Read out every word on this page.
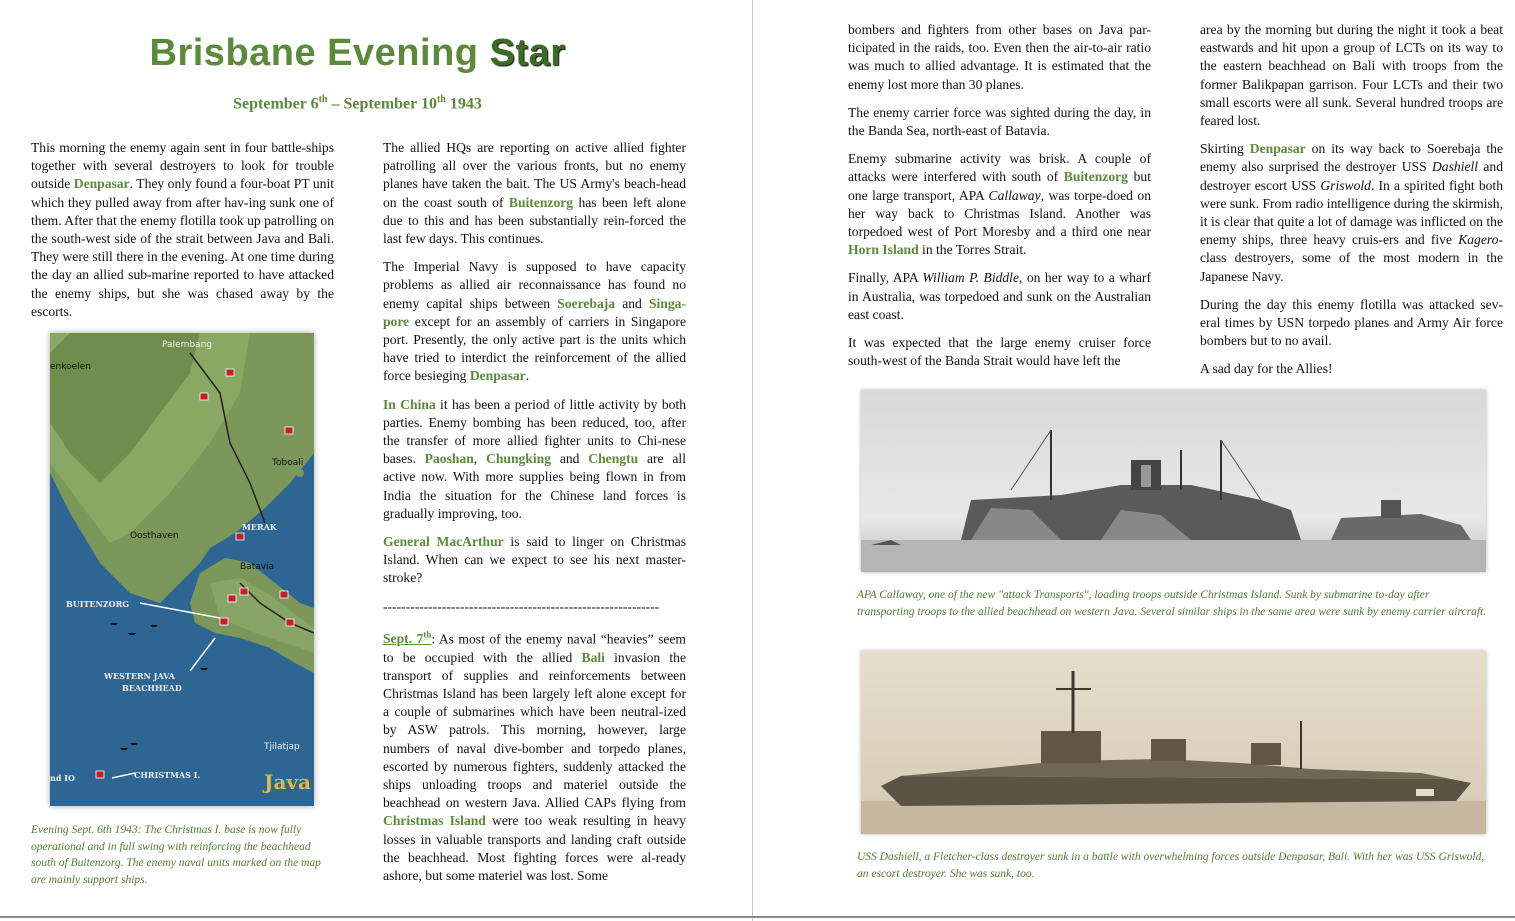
Brisbane Evening Star
September 6th – September 10th 1943

This morning the enemy again sent in four battle-ships together with several destroyers to look for trouble outside Denpasar. They only found a four-boat PT unit which they pulled away from after hav-ing sunk one of them. After that the enemy flotilla took up patrolling on the south-west side of the strait between Java and Bali. They were still there in the evening. At one time during the day an allied sub-marine reported to have attacked the enemy ships, but she was chased away by the escorts.

Palembang
enkoelen
Toboali
MERAK
Oosthaven
Batavia
BUITENZORG
WESTERN JAVA
BEACHHEAD
Tjilatjap
nd IO	CHRISTMAS I.	Java
Evening Sept. 6th 1943: The Christmas I. base is now fully operational and in full swing with reinforcing the beachhead south of Buitenzorg. The enemy naval units marked on the map are mainly support ships.

The allied HQs are reporting on active allied fighter patrolling all over the various fronts, but no enemy planes have taken the bait. The US Army's beach-head on the coast south of Buitenzorg has been left alone due to this and has been substantially rein-forced the last few days. This continues.

The Imperial Navy is supposed to have capacity problems as allied air reconnaissance has found no enemy capital ships between Soerebaja and Singa-pore except for an assembly of carriers in Singapore port. Presently, the only active part is the units which have tried to interdict the reinforcement of the allied force besieging Denpasar.

In China it has been a period of little activity by both parties. Enemy bombing has been reduced, too, after the transfer of more allied fighter units to Chi-nese bases. Paoshan, Chungking and Chengtu are all active now. With more supplies being flown in from India the situation for the Chinese land forces is gradually improving, too.

General MacArthur is said to linger on Christmas Island. When can we expect to see his next master-stroke?

-------------------------------------------------------------

Sept. 7th: As most of the enemy naval “heavies” seem to be occupied with the allied Bali invasion the transport of supplies and reinforcements between Christmas Island has been largely left alone except for a couple of submarines which have been neutral-ized by ASW patrols. This morning, however, large numbers of naval dive-bomber and torpedo planes, escorted by numerous fighters, suddenly attacked the ships unloading troops and materiel outside the beachhead on western Java. Allied CAPs flying from Christmas Island were too weak resulting in heavy losses in valuable transports and landing craft outside the beachhead. Most fighting forces were al-ready ashore, but some materiel was lost. Some

bombers and fighters from other bases on Java par-ticipated in the raids, too. Even then the air-to-air ratio was much to allied advantage. It is estimated that the enemy lost more than 30 planes.

The enemy carrier force was sighted during the day, in the Banda Sea, north-east of Batavia.

Enemy submarine activity was brisk. A couple of attacks were interfered with south of Buitenzorg but one large transport, APA Callaway, was torpe-doed on her way back to Christmas Island. Another was torpedoed west of Port Moresby and a third one near Horn Island in the Torres Strait.

Finally, APA William P. Biddle, on her way to a wharf in Australia, was torpedoed and sunk on the Australian east coast.

It was expected that the large enemy cruiser force south-west of the Banda Strait would have left the

area by the morning but during the night it took a beat eastwards and hit upon a group of LCTs on its way to the eastern beachhead on Bali with troops from the former Balikpapan garrison. Four LCTs and their two small escorts were all sunk. Several hundred troops are feared lost.

Skirting Denpasar on its way back to Soerebaja the enemy also surprised the destroyer USS Dashiell and destroyer escort USS Griswold. In a spirited fight both were sunk. From radio intelligence during the skirmish, it is clear that quite a lot of damage was inflicted on the enemy ships, three heavy cruis-ers and five Kagero-class destroyers, some of the most modern in the Japanese Navy.

During the day this enemy flotilla was attacked sev-eral times by USN torpedo planes and Army Air force bombers but to no avail.

A sad day for the Allies!

APA Callaway, one of the new "attack Transports", loading troops outside Christmas Island. Sunk by submarine to-day after transporting troops to the allied beachhead on western Java. Several similar ships in the same area were sunk by enemy carrier aircraft.
USS Dashiell, a Fletcher-class destroyer sunk in a battle with overwhelming forces outside Denpasar, Bali. With her was USS Griswold, an escort destroyer. She was sunk, too.
